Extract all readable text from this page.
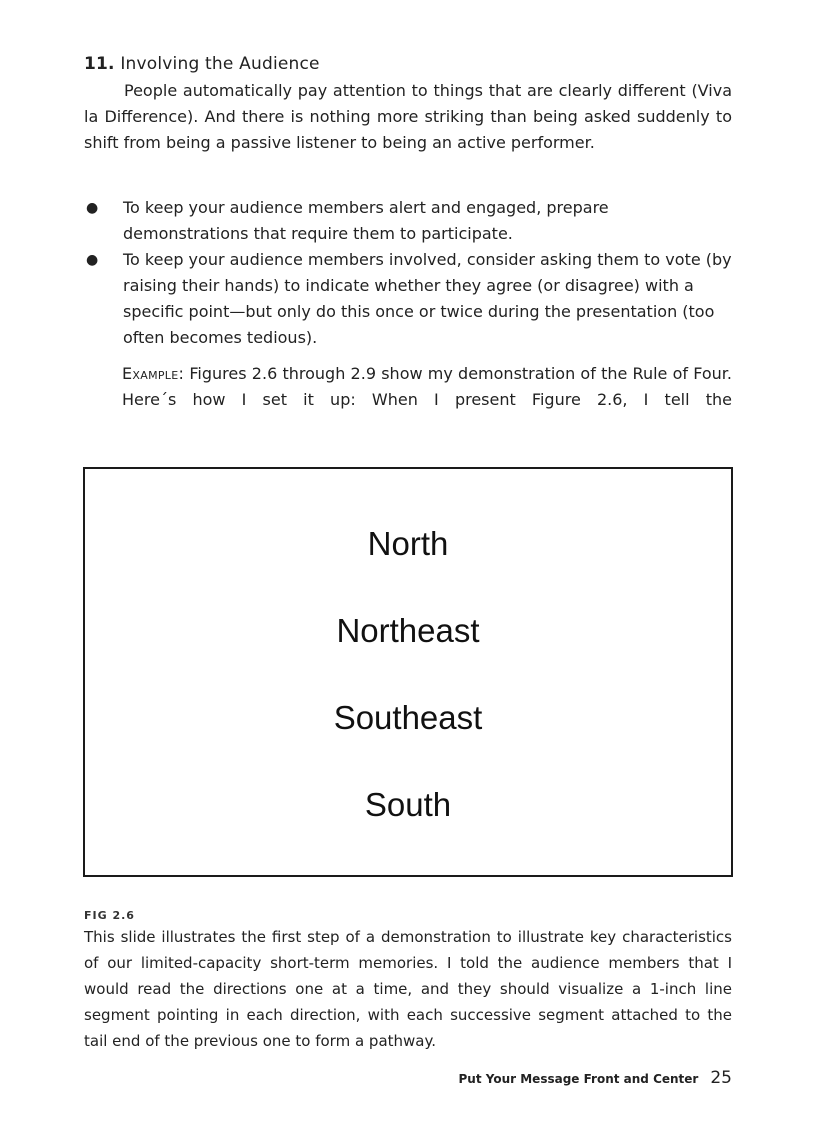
11. Involving the Audience

People automatically pay attention to things that are clearly different (Viva la Difference). And there is nothing more striking than being asked suddenly to shift from being a passive listener to being an active performer.

● To keep your audience members alert and engaged, prepare demonstrations that require them to participate.
● To keep your audience members involved, consider asking them to vote (by raising their hands) to indicate whether they agree (or disagree) with a specific point—but only do this once or twice during the presentation (too often becomes tedious).

Example: Figures 2.6 through 2.9 show my demonstration of the Rule of Four. Here´s how I set it up: When I present Figure 2.6, I tell the

North
Northeast
Southeast
South
FIG 2.6

This slide illustrates the first step of a demonstration to illustrate key characteristics of our limited-capacity short-term memories. I told the audience members that I would read the directions one at a time, and they should visualize a 1-inch line segment pointing in each direction, with each successive segment attached to the tail end of the previous one to form a pathway.

Put Your Message Front and Center 25
